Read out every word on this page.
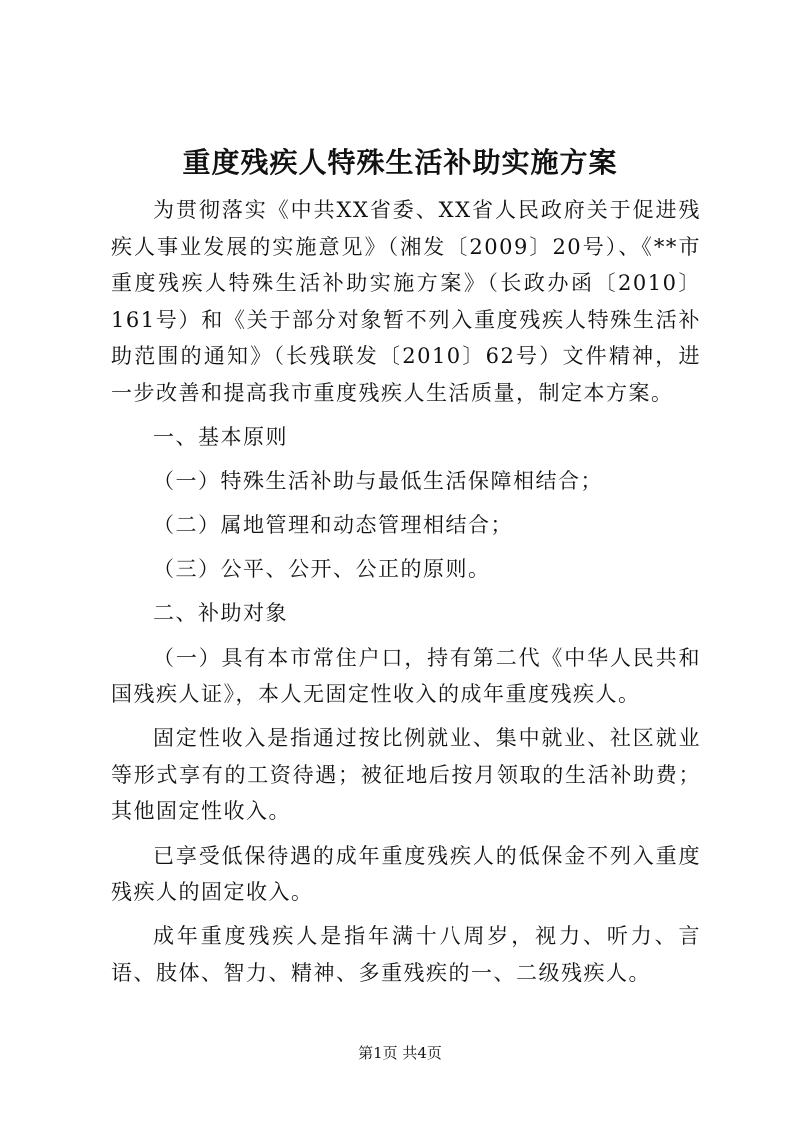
重度残疾人特殊生活补助实施方案

为贯彻落实《中共XX省委、XX省人民政府关于促进残疾人事业发展的实施意见》（湘发〔2009〕20号）、《**市重度残疾人特殊生活补助实施方案》（长政办函〔2010〕161号）和《关于部分对象暂不列入重度残疾人特殊生活补助范围的通知》（长残联发〔2010〕62号）文件精神，进一步改善和提高我市重度残疾人生活质量，制定本方案。

一、基本原则

（一）特殊生活补助与最低生活保障相结合；

（二）属地管理和动态管理相结合；

（三）公平、公开、公正的原则。

二、补助对象

（一）具有本市常住户口，持有第二代《中华人民共和国残疾人证》，本人无固定性收入的成年重度残疾人。

固定性收入是指通过按比例就业、集中就业、社区就业等形式享有的工资待遇；被征地后按月领取的生活补助费；其他固定性收入。

已享受低保待遇的成年重度残疾人的低保金不列入重度残疾人的固定收入。

成年重度残疾人是指年满十八周岁，视力、听力、言语、肢体、智力、精神、多重残疾的一、二级残疾人。

第1页 共4页
